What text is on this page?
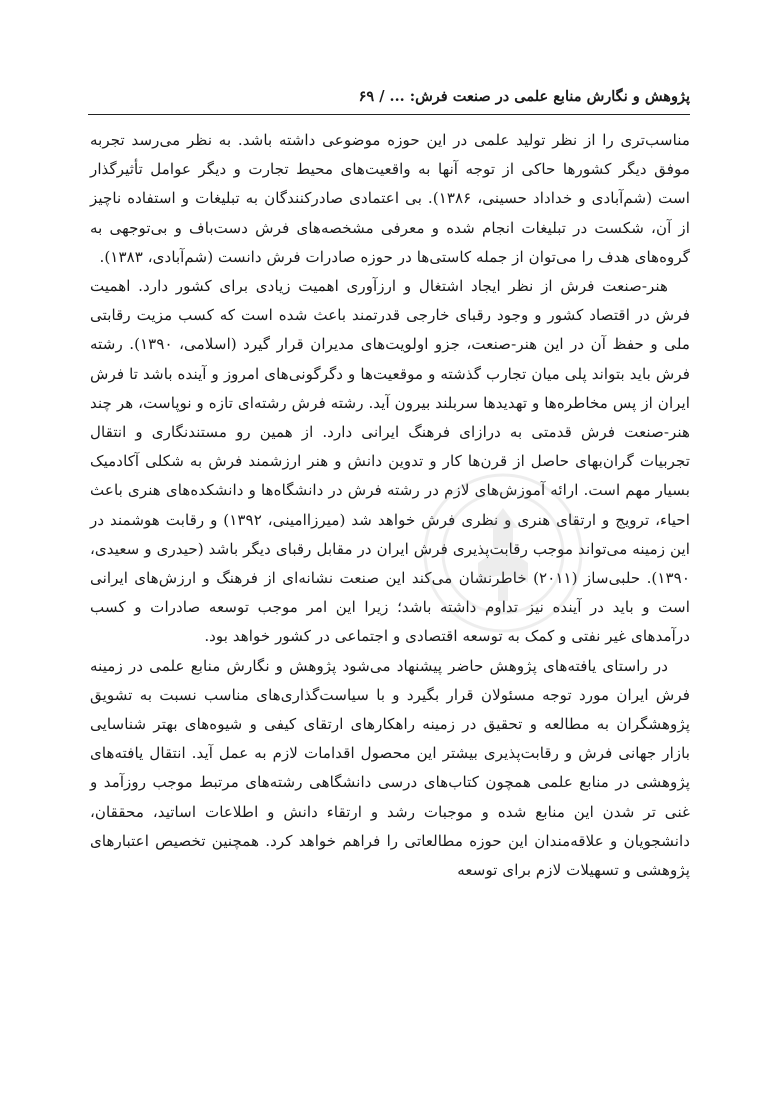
پژوهش و نگارش منابع علمی در صنعت فرش: ... / ۶۹

مناسب‌تری را از نظر تولید علمی در این حوزه موضوعی داشته باشد. به نظر می‌رسد تجربه موفق دیگر کشورها حاکی از توجه آنها به واقعیت‌های محیط تجارت و دیگر عوامل تأثیرگذار است (شم‌آبادی و خداداد حسینی، ۱۳۸۶). بی اعتمادی صادرکنندگان به تبلیغات و استفاده ناچیز از آن، شکست در تبلیغات انجام شده و معرفی مشخصه‌های فرش دست‌باف و بی‌توجهی به گروه‌های هدف را می‌توان از جمله کاستی‌ها در حوزه صادرات فرش دانست (شم‌آبادی، ۱۳۸۳).

هنر-صنعت فرش از نظر ایجاد اشتغال و ارزآوری اهمیت زیادی برای کشور دارد. اهمیت فرش در اقتصاد کشور و وجود رقبای خارجی قدرتمند باعث شده است که کسب مزیت رقابتی ملی و حفظ آن در این هنر-صنعت، جزو اولویت‌های مدیران قرار گیرد (اسلامی، ۱۳۹۰). رشته فرش باید بتواند پلی میان تجارب گذشته و موقعیت‌ها و دگرگونی‌های امروز و آینده باشد تا فرش ایران از پس مخاطره‌ها و تهدیدها سربلند بیرون آید. رشته فرش رشته‌ای تازه و نوپاست، هر چند هنر-صنعت فرش قدمتی به درازای فرهنگ ایرانی دارد. از همین رو مستندنگاری و انتقال تجربیات گران‌بهای حاصل از قرن‌ها کار و تدوین دانش و هنر ارزشمند فرش به شکلی آکادمیک بسیار مهم است. ارائه آموزش‌های لازم در رشته فرش در دانشگاه‌ها و دانشکده‌های هنری باعث احیاء، ترویج و ارتقای هنری و نظری فرش خواهد شد (میرزاامینی، ۱۳۹۲) و رقابت هوشمند در این زمینه می‌تواند موجب رقابت‌پذیری فرش ایران در مقابل رقبای دیگر باشد (حیدری و سعیدی، ۱۳۹۰). حلبی‌ساز (۲۰۱۱) خاطرنشان می‌کند این صنعت نشانه‌ای از فرهنگ و ارزش‌های ایرانی است و باید در آینده نیز تداوم داشته باشد؛ زیرا این امر موجب توسعه صادرات و کسب درآمدهای غیر نفتی و کمک به توسعه اقتصادی و اجتماعی در کشور خواهد بود.

در راستای یافته‌های پژوهش حاضر پیشنهاد می‌شود پژوهش و نگارش منابع علمی در زمینه فرش ایران مورد توجه مسئولان قرار بگیرد و با سیاست‌گذاری‌های مناسب نسبت به تشویق پژوهشگران به مطالعه و تحقیق در زمینه راهکارهای ارتقای کیفی و شیوه‌های بهتر شناسایی بازار جهانی فرش و رقابت‌پذیری بیشتر این محصول اقدامات لازم به عمل آید. انتقال یافته‌های پژوهشی در منابع علمی همچون کتاب‌های درسی دانشگاهی رشته‌های مرتبط موجب روزآمد و غنی تر شدن این منابع شده و موجبات رشد و ارتقاء دانش و اطلاعات اساتید، محققان، دانشجویان و علاقه‌مندان این حوزه مطالعاتی را فراهم خواهد کرد. همچنین تخصیص اعتبارهای پژوهشی و تسهیلات لازم برای توسعه
